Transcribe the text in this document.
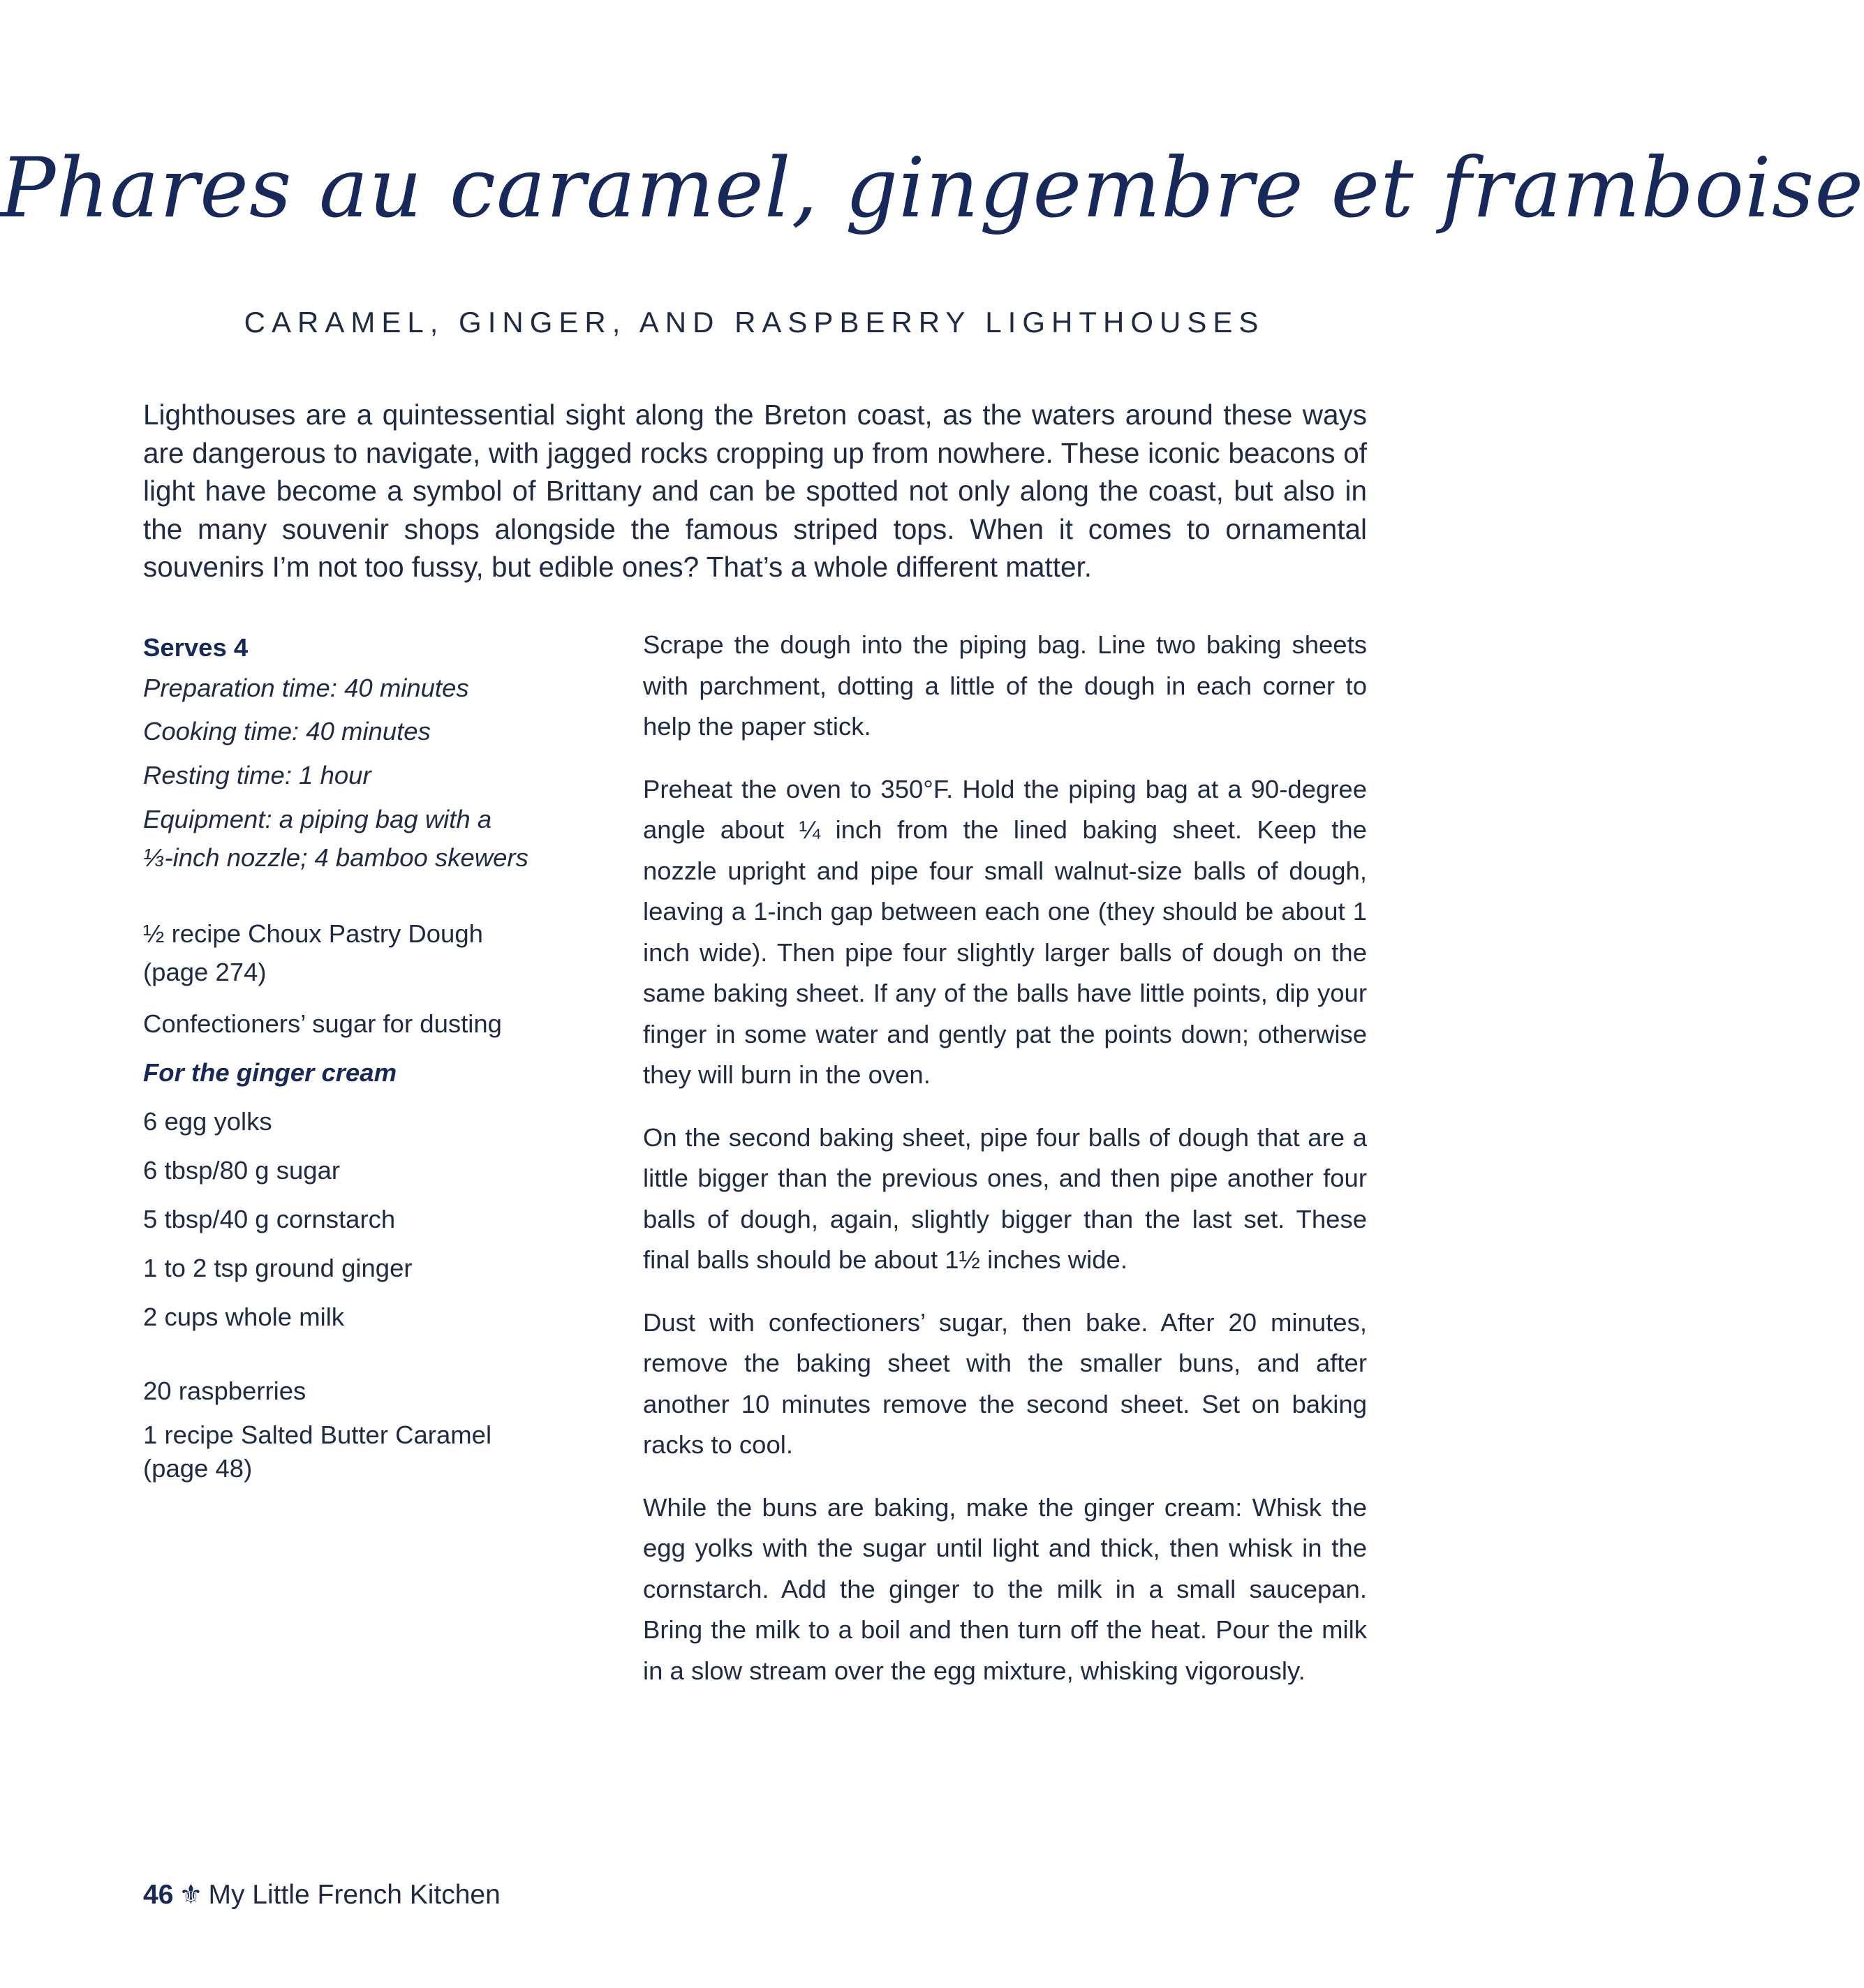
Phares au caramel, gingembre et framboise
CARAMEL, GINGER, AND RASPBERRY LIGHTHOUSES

Lighthouses are a quintessential sight along the Breton coast, as the waters around these ways are dangerous to navigate, with jagged rocks cropping up from nowhere. These iconic beacons of light have become a symbol of Brittany and can be spotted not only along the coast, but also in the many souvenir shops alongside the famous striped tops. When it comes to ornamental souvenirs I’m not too fussy, but edible ones? That’s a whole different matter.

Serves 4
Preparation time: 40 minutes
Cooking time: 40 minutes
Resting time: 1 hour
Equipment: a piping bag with a
⅓-inch nozzle; 4 bamboo skewers
½ recipe Choux Pastry Dough
(page 274)
Confectioners’ sugar for dusting
For the ginger cream
6 egg yolks
6 tbsp/80 g sugar
5 tbsp/40 g cornstarch
1 to 2 tsp ground ginger
2 cups whole milk
20 raspberries
1 recipe Salted Butter Caramel
(page 48)

Scrape the dough into the piping bag. Line two baking sheets with parchment, dotting a little of the dough in each corner to help the paper stick.

Preheat the oven to 350°F. Hold the piping bag at a 90-degree angle about ¼ inch from the lined baking sheet. Keep the nozzle upright and pipe four small walnut-size balls of dough, leaving a 1-inch gap between each one (they should be about 1 inch wide). Then pipe four slightly larger balls of dough on the same baking sheet. If any of the balls have little points, dip your finger in some water and gently pat the points down; otherwise they will burn in the oven.

On the second baking sheet, pipe four balls of dough that are a little bigger than the previous ones, and then pipe another four balls of dough, again, slightly bigger than the last set. These final balls should be about 1½ inches wide.

Dust with confectioners’ sugar, then bake. After 20 minutes, remove the baking sheet with the smaller buns, and after another 10 minutes remove the second sheet. Set on baking racks to cool.

While the buns are baking, make the ginger cream: Whisk the egg yolks with the sugar until light and thick, then whisk in the cornstarch. Add the ginger to the milk in a small saucepan. Bring the milk to a boil and then turn off the heat. Pour the milk in a slow stream over the egg mixture, whisking vigorously.

46 ⚜ My Little French Kitchen
